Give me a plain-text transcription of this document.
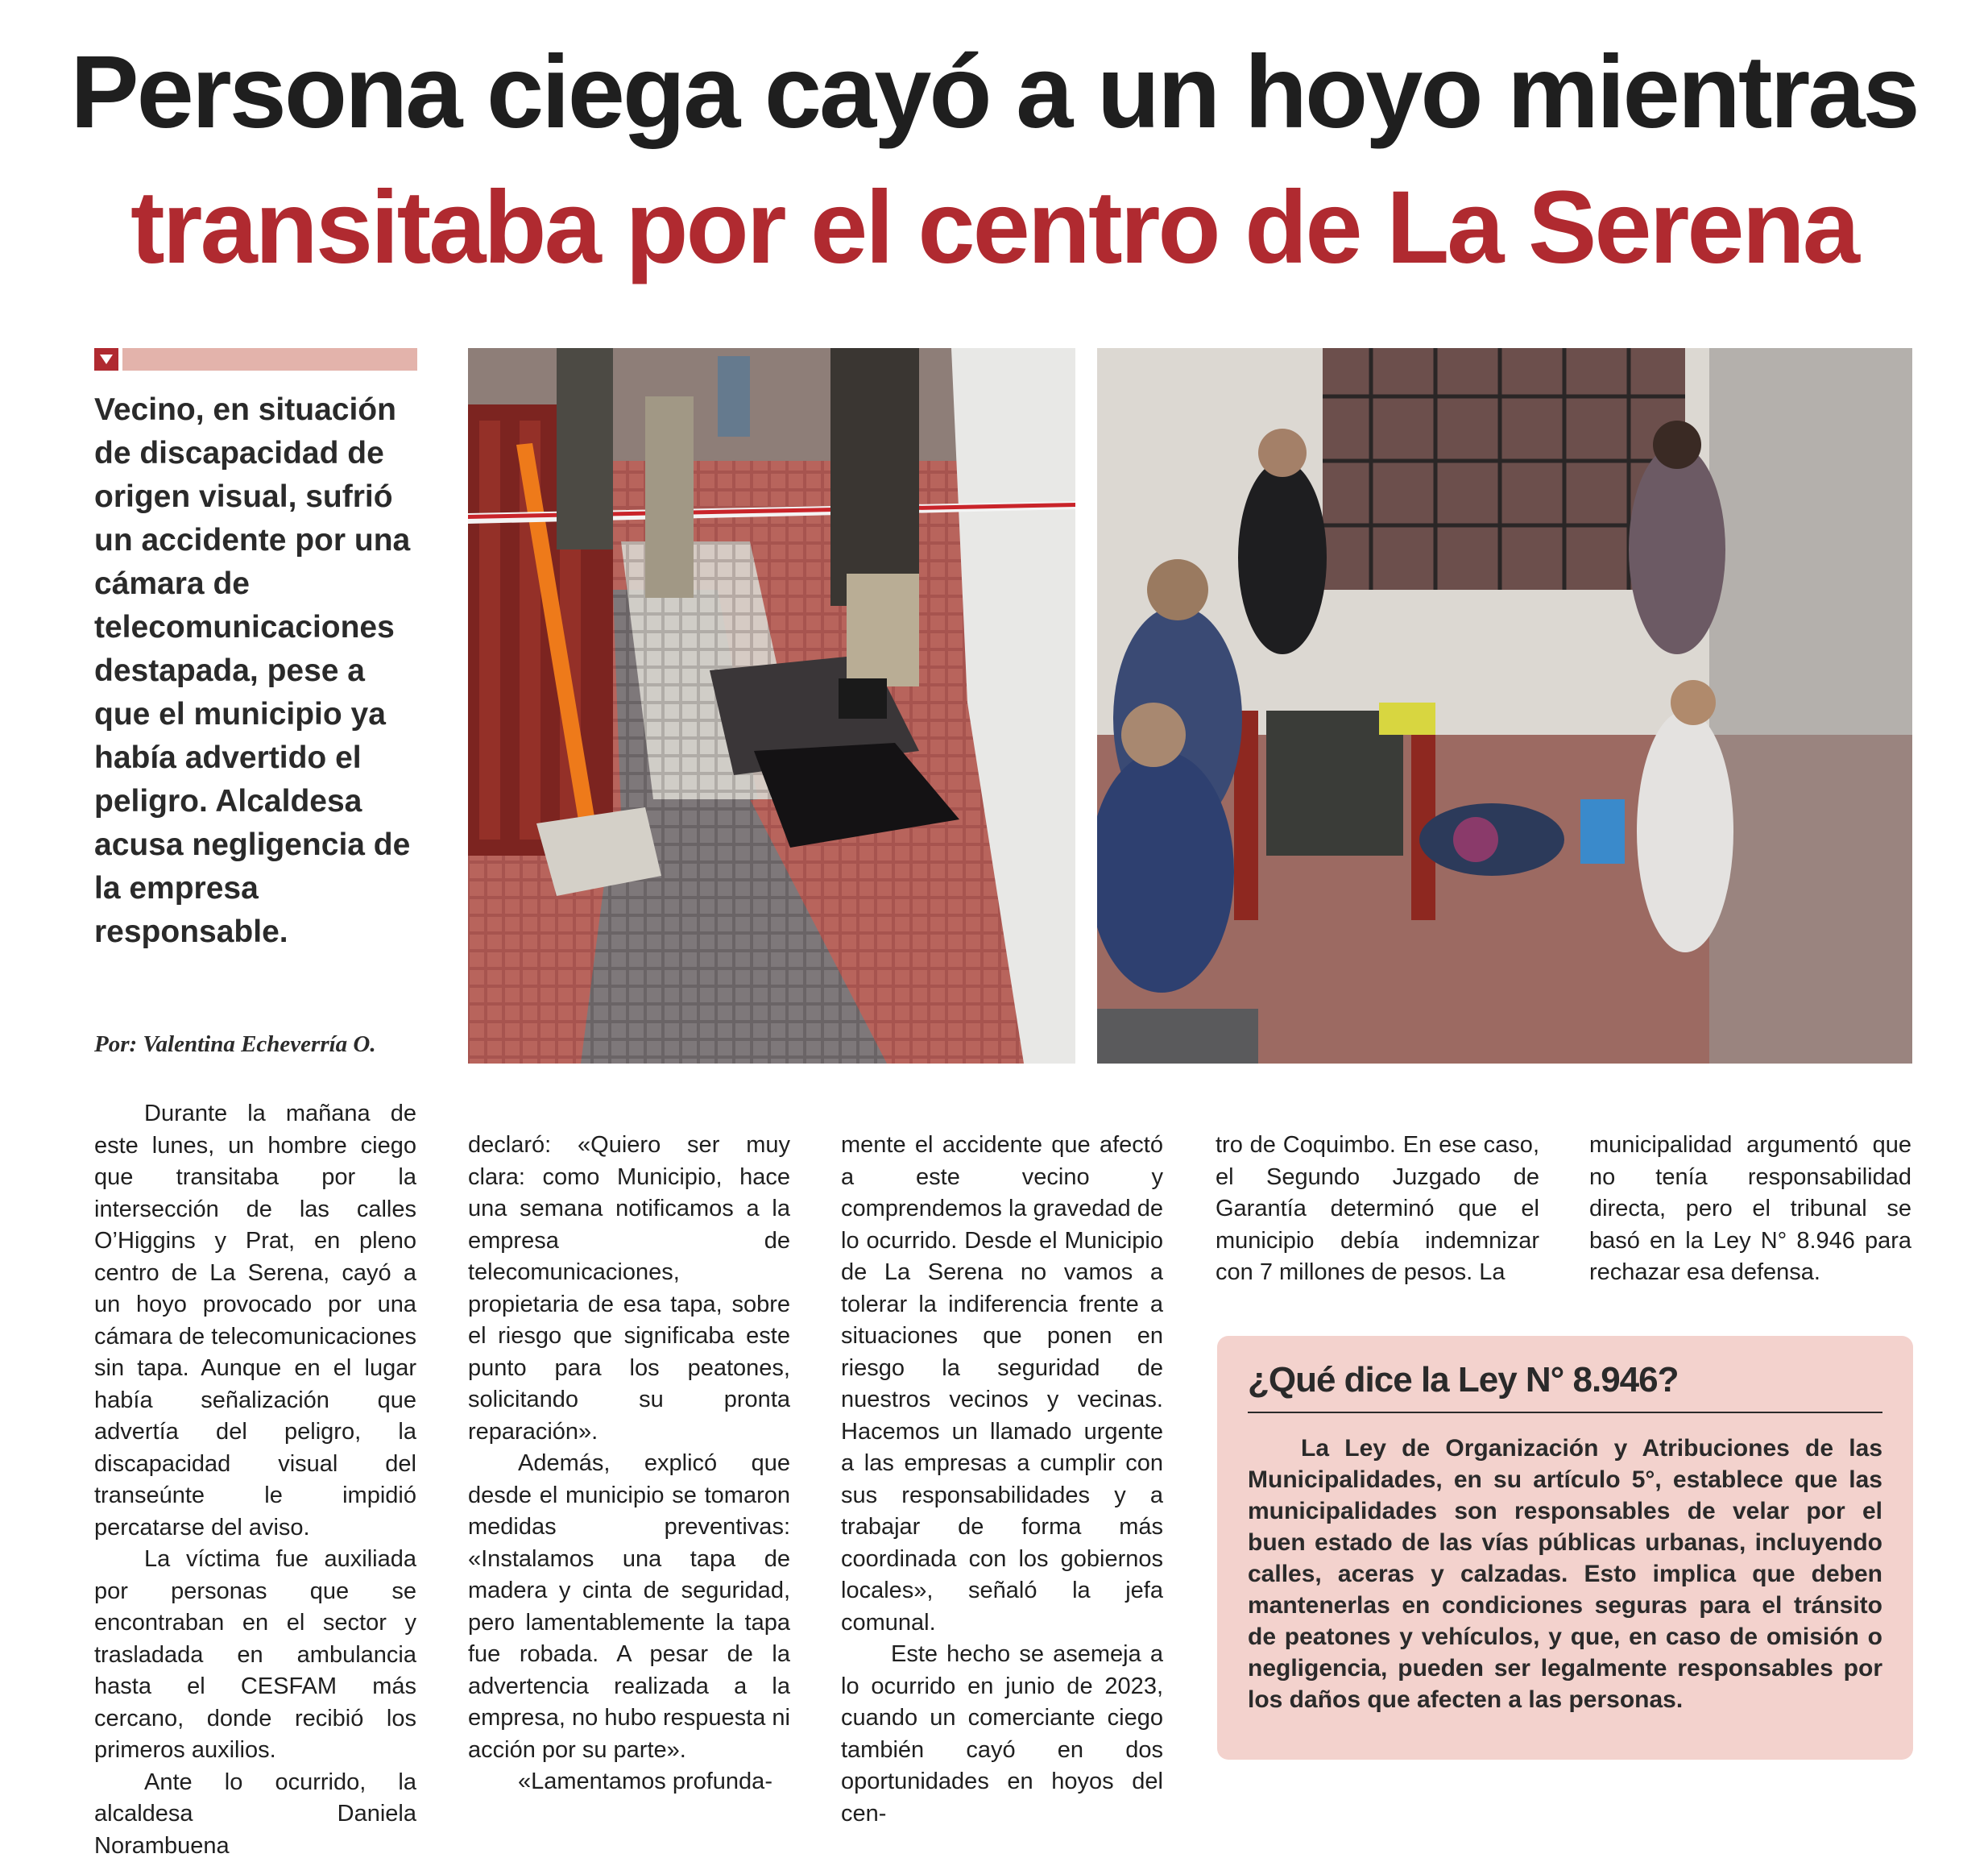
Persona ciega cayó a un hoyo mientras
transitaba por el centro de La Serena
Vecino, en situación de discapacidad de origen visual, sufrió un accidente por una cámara de telecomunicaciones destapada, pese a que el municipio ya había advertido el peligro. Alcaldesa acusa negligencia de la empresa responsable.
Por: Valentina Echeverría O.

Durante la mañana de este lunes, un hombre ciego que transitaba por la intersección de las calles O’Higgins y Prat, en pleno centro de La Serena, cayó a un hoyo provocado por una cámara de telecomunicaciones sin tapa. Aunque en el lugar había señalización que advertía del peligro, la discapacidad visual del transeúnte le impidió percatarse del aviso.

La víctima fue auxiliada por personas que se encontraban en el sector y trasladada en ambulancia hasta el CESFAM más cercano, donde recibió los primeros auxilios.

Ante lo ocurrido, la alcaldesa Daniela Norambuena

declaró: «Quiero ser muy clara: como Municipio, hace una semana notificamos a la empresa de telecomunicaciones, propietaria de esa tapa, sobre el riesgo que significaba este punto para los peatones, solicitando su pronta reparación».

Además, explicó que desde el municipio se tomaron medidas preventivas: «Instalamos una tapa de madera y cinta de seguridad, pero lamentablemente la tapa fue robada. A pesar de la advertencia realizada a la empresa, no hubo respuesta ni acción por su parte».

«Lamentamos profunda-

mente el accidente que afectó a este vecino y comprendemos la gravedad de lo ocurrido. Desde el Municipio de La Serena no vamos a tolerar la indiferencia frente a situaciones que ponen en riesgo la seguridad de nuestros vecinos y vecinas. Hacemos un llamado urgente a las empresas a cumplir con sus responsabilidades y a trabajar de forma más coordinada con los gobiernos locales», señaló la jefa comunal.

Este hecho se asemeja a lo ocurrido en junio de 2023, cuando un comerciante ciego también cayó en dos oportunidades en hoyos del cen-

tro de Coquimbo. En ese caso, el Segundo Juzgado de Garantía determinó que el municipio debía indemnizar con 7 millones de pesos. La

municipalidad argumentó que no tenía responsabilidad directa, pero el tribunal se basó en la Ley N° 8.946 para rechazar esa defensa.

¿Qué dice la Ley N° 8.946?

La Ley de Organización y Atribuciones de las Municipalidades, en su artículo 5°, establece que las municipalidades son responsables de velar por el buen estado de las vías públicas urbanas, incluyendo calles, aceras y calzadas. Esto implica que deben mantenerlas en condiciones seguras para el tránsito de peatones y vehículos, y que, en caso de omisión o negligencia, pueden ser legalmente responsables por los daños que afecten a las personas.
